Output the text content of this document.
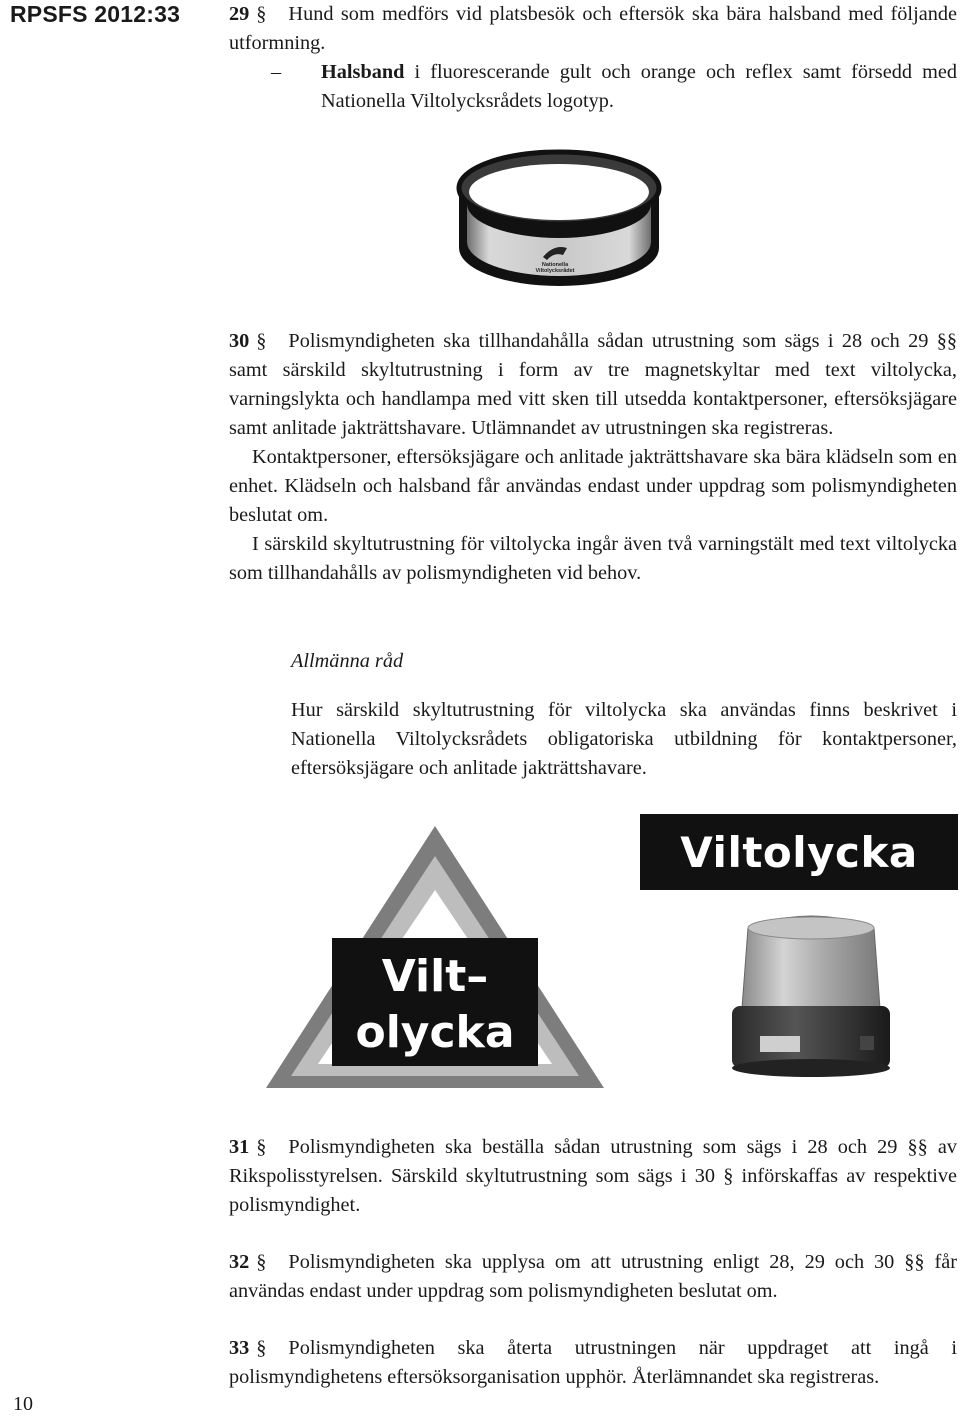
RPSFS 2012:33
10

29 § Hund som medförs vid platsbesök och eftersök ska bära halsband med följande utformning.

– Halsband i fluorescerande gult och orange och reflex samt försedd med Nationella Viltolycksrådets logotyp.

Nationella
Viltolycksrådet

30 § Polismyndigheten ska tillhandahålla sådan utrustning som sägs i 28 och 29 §§ samt särskild skyltutrustning i form av tre magnetskyltar med text viltolycka, varningslykta och handlampa med vitt sken till utsedda kontaktpersoner, eftersöksjägare samt anlitade jakträttshavare. Utlämnandet av utrustningen ska registreras.

Kontaktpersoner, eftersöksjägare och anlitade jakträttshavare ska bära klädseln som en enhet. Klädseln och halsband får användas endast under uppdrag som polismyndigheten beslutat om.

I särskild skyltutrustning för viltolycka ingår även två varningstält med text viltolycka som tillhandahålls av polismyndigheten vid behov.

Allmänna råd

Hur särskild skyltutrustning för viltolycka ska användas finns beskrivet i Nationella Viltolycksrådets obligatoriska utbildning för kontaktpersoner, eftersöksjägare och anlitade jakträttshavare.

Vilt–
olycka
Viltolycka

31 § Polismyndigheten ska beställa sådan utrustning som sägs i 28 och 29 §§ av Rikspolisstyrelsen. Särskild skyltutrustning som sägs i 30 § införskaffas av respektive polismyndighet.

32 § Polismyndigheten ska upplysa om att utrustning enligt 28, 29 och 30 §§ får användas endast under uppdrag som polismyndigheten beslutat om.

33 § Polismyndigheten ska återta utrustningen när uppdraget att ingå i polismyndighetens eftersöksorganisation upphör. Återlämnandet ska registreras.
